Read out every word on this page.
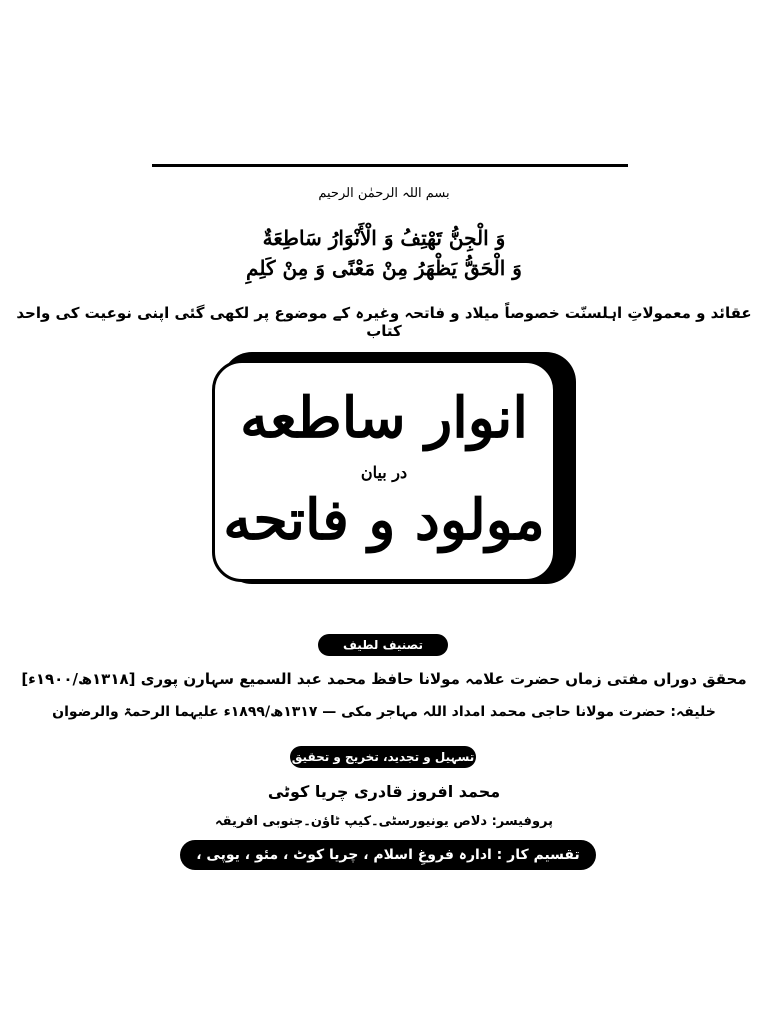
بسم اللہ الرحمٰن الرحیم
وَ الْجِنُّ تَهْتِفُ وَ الْأَنْوَارُ سَاطِعَةٌ
وَ الْحَقُّ يَظْهَرُ مِنْ مَعْنًى وَ مِنْ كَلِمِ
عقائد و معمولاتِ اہلسنّت خصوصاً میلاد و فاتحہ وغیرہ کے موضوع پر لکھی گئی اپنی نوعیت کی واحد کتاب
انوار ساطعه
در بیان
مولود و فاتحه
تصنیف لطیف
محقق دوراں مفتی زماں حضرت علامہ مولانا حافظ محمد عبد السمیع سہارن پوری [۱۳۱۸ھ/۱۹۰۰ء]
خلیفہ: حضرت مولانا حاجی محمد امداد اللہ مہاجر مکی — ۱۳۱۷ھ/۱۸۹۹ء علیہما الرحمۃ والرضوان
تسہیل و تجدید، تخریج و تحقیق
محمد افروز قادری چریا کوٹی
پروفیسر: دلاص یونیورسٹی۔کیپ ٹاؤن۔جنوبی افریقہ
تقسیم کار : ادارہ فروغِ اسلام ، چریا کوٹ ، مئو ، یوپی ، انڈیا
